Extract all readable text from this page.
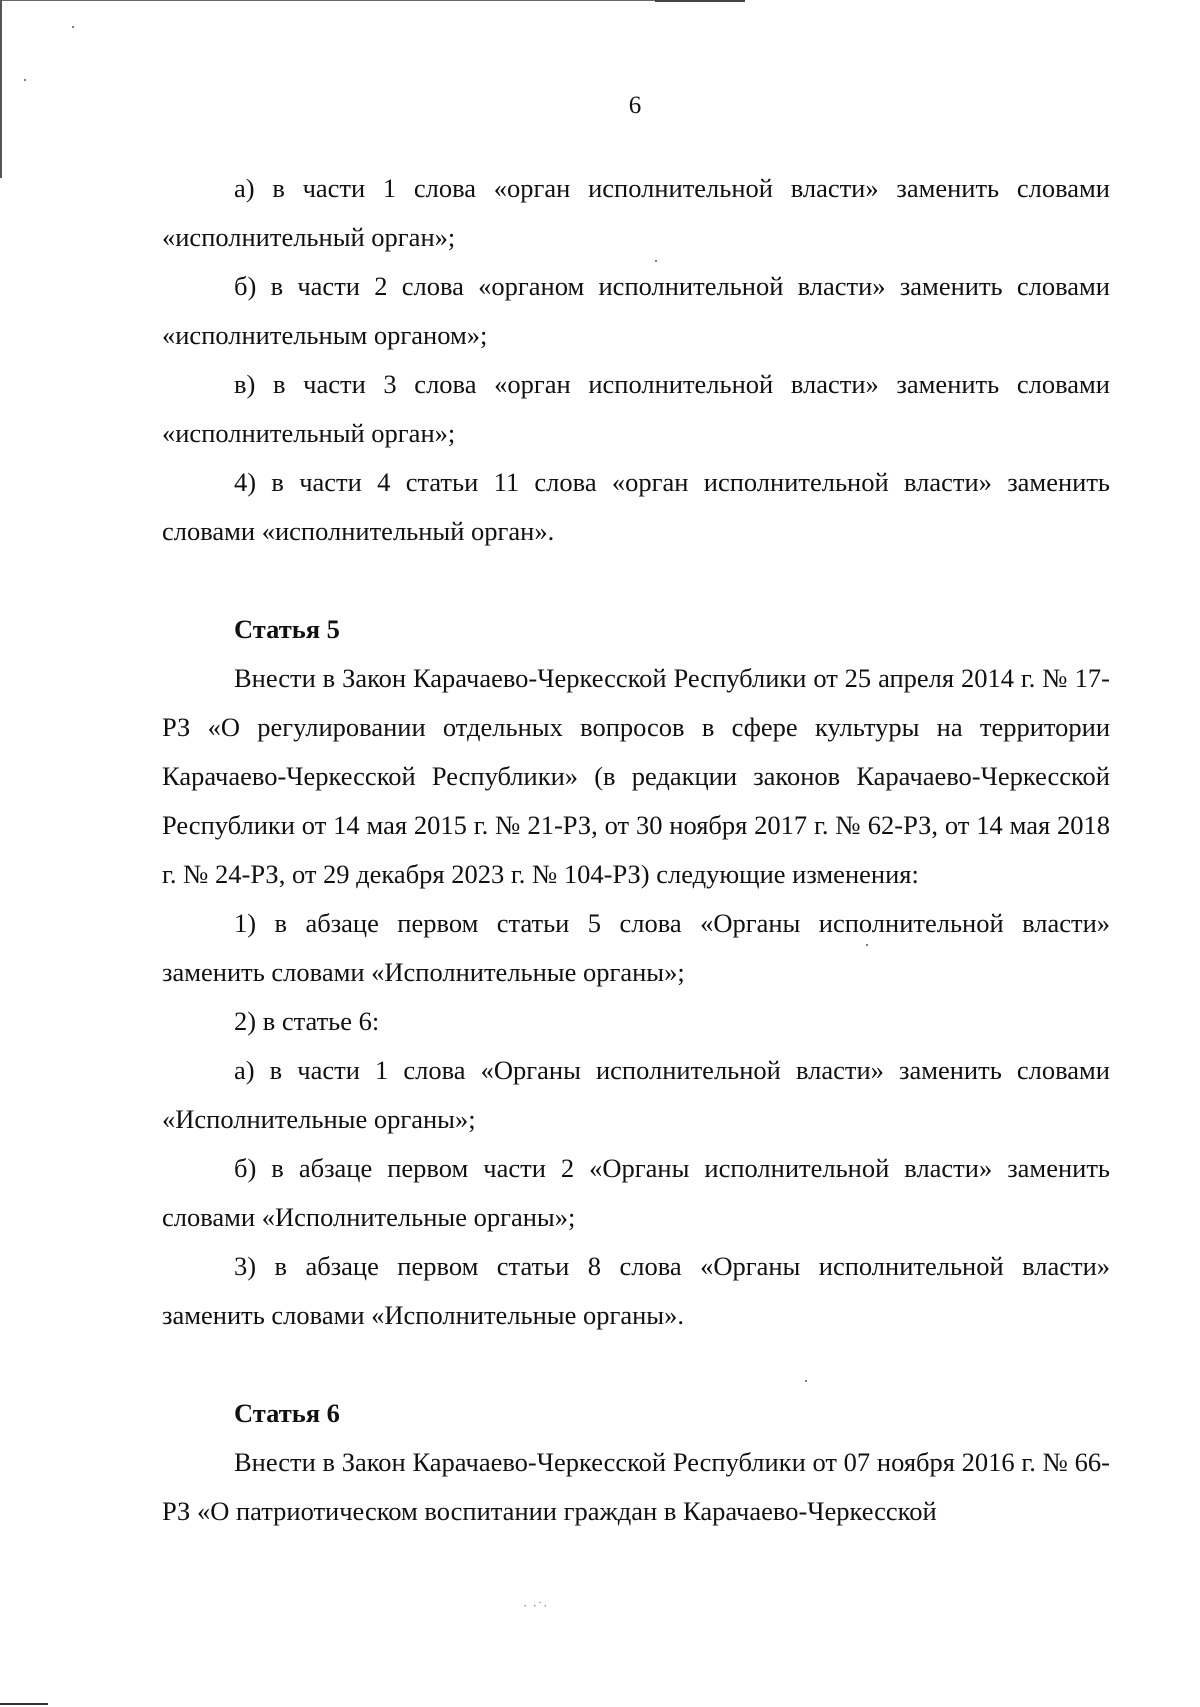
6

а) в части 1 слова «орган исполнительной власти» заменить словами «исполнительный орган»;

б) в части 2 слова «органом исполнительной власти» заменить словами «исполнительным органом»;

в) в части 3 слова «орган исполнительной власти» заменить словами «исполнительный орган»;

4) в части 4 статьи 11 слова «орган исполнительной власти» заменить словами «исполнительный орган».

Статья 5

Внести в Закон Карачаево-Черкесской Республики от 25 апреля 2014 г. № 17-РЗ «О регулировании отдельных вопросов в сфере культуры на территории Карачаево-Черкесской Республики» (в редакции законов Карачаево-Черкесской Республики от 14 мая 2015 г. № 21-РЗ, от 30 ноября 2017 г. № 62-РЗ, от 14 мая 2018 г. № 24-РЗ, от 29 декабря 2023 г. № 104-РЗ) следующие изменения:

1) в абзаце первом статьи 5 слова «Органы исполнительной власти» заменить словами «Исполнительные органы»;

2) в статье 6:

а) в части 1 слова «Органы исполнительной власти» заменить словами «Исполнительные органы»;

б) в абзаце первом части 2 «Органы исполнительной власти» заменить словами «Исполнительные органы»;

3) в абзаце первом статьи 8 слова «Органы исполнительной власти» заменить словами «Исполнительные органы».

Статья 6

Внести в Закон Карачаево-Черкесской Республики от 07 ноября 2016 г. № 66-РЗ «О патриотическом воспитании граждан в Карачаево-Черкесской

· ·˙·
